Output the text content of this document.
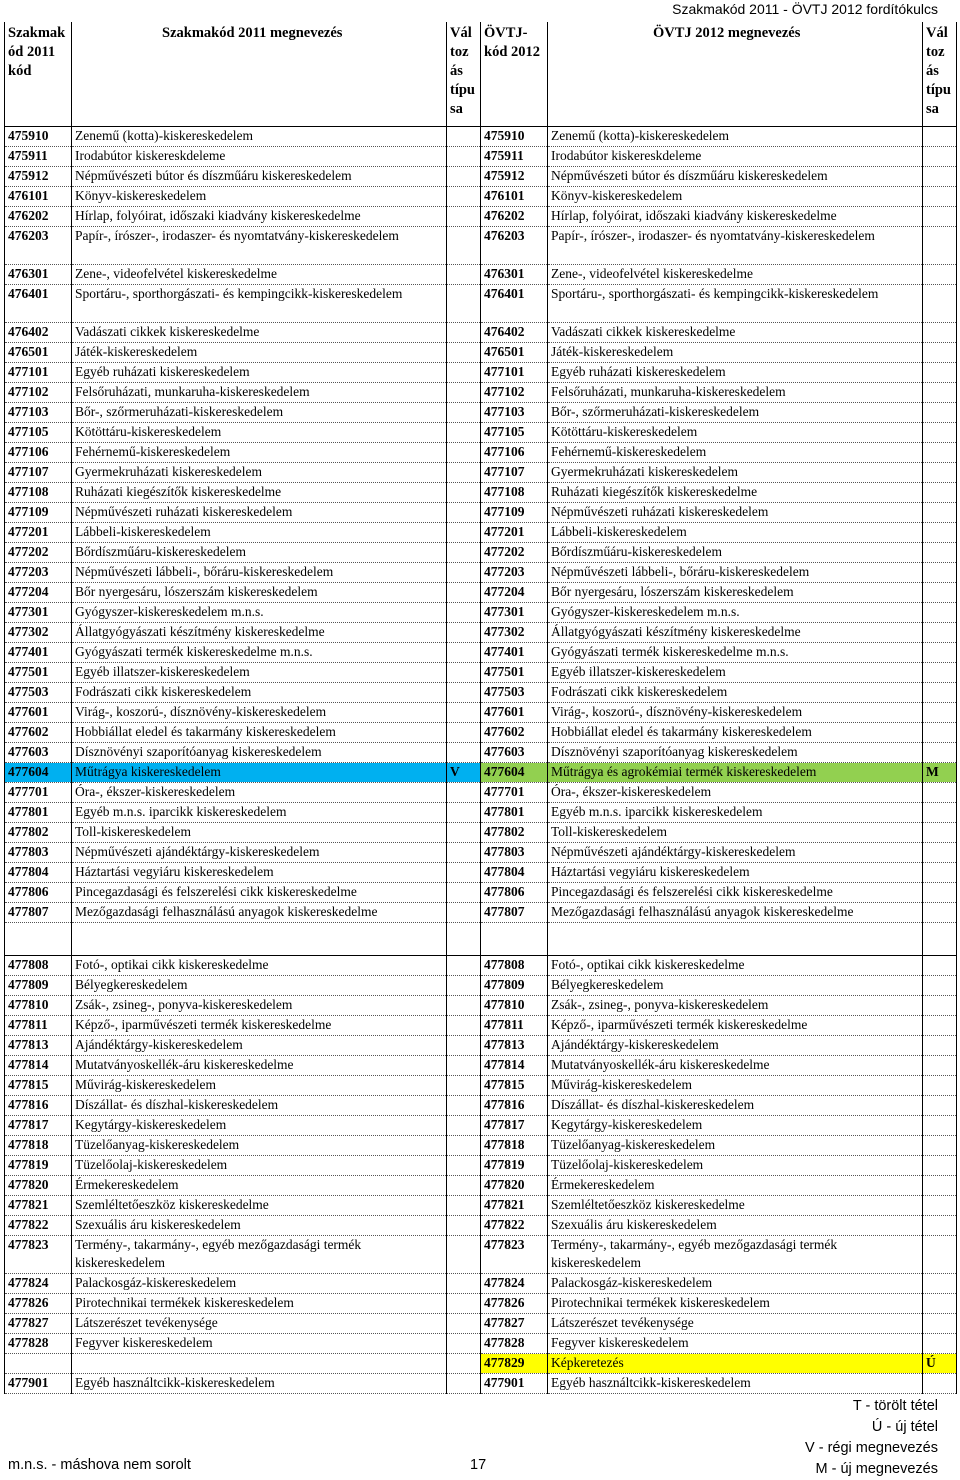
Szakmakód 2011 - ÖVTJ 2012 fordítókulcs
Szakmak ód 2011 kód	Szakmakód 2011 megnevezés	Vál toz ás típu sa	ÖVTJ- kód 2012	ÖVTJ 2012 megnevezés	Vál toz ás típu sa
475910	Zenemű (kotta)-kiskereskedelem		475910	Zenemű (kotta)-kiskereskedelem	
475911	Irodabútor kiskereskdeleme		475911	Irodabútor kiskereskdeleme	
475912	Népművészeti bútor és díszműáru kiskereskedelem		475912	Népművészeti bútor és díszműáru kiskereskedelem	
476101	Könyv-kiskereskedelem		476101	Könyv-kiskereskedelem	
476202	Hírlap, folyóirat, időszaki kiadvány kiskereskedelme		476202	Hírlap, folyóirat, időszaki kiadvány kiskereskedelme	
476203	Papír-, írószer-, irodaszer- és nyomtatvány-kiskereskedelem		476203	Papír-, írószer-, irodaszer- és nyomtatvány-kiskereskedelem	
476301	Zene-, videofelvétel kiskereskedelme		476301	Zene-, videofelvétel kiskereskedelme	
476401	Sportáru-, sporthorgászati- és kempingcikk-kiskereskedelem		476401	Sportáru-, sporthorgászati- és kempingcikk-kiskereskedelem	
476402	Vadászati cikkek kiskereskedelme		476402	Vadászati cikkek kiskereskedelme	
476501	Játék-kiskereskedelem		476501	Játék-kiskereskedelem	
477101	Egyéb ruházati kiskereskedelem		477101	Egyéb ruházati kiskereskedelem	
477102	Felsőruházati, munkaruha-kiskereskedelem		477102	Felsőruházati, munkaruha-kiskereskedelem	
477103	Bőr-, szőrmeruházati-kiskereskedelem		477103	Bőr-, szőrmeruházati-kiskereskedelem	
477105	Kötöttáru-kiskereskedelem		477105	Kötöttáru-kiskereskedelem	
477106	Fehérnemű-kiskereskedelem		477106	Fehérnemű-kiskereskedelem	
477107	Gyermekruházati kiskereskedelem		477107	Gyermekruházati kiskereskedelem	
477108	Ruházati kiegészítők kiskereskedelme		477108	Ruházati kiegészítők kiskereskedelme	
477109	Népművészeti ruházati kiskereskedelem		477109	Népművészeti ruházati kiskereskedelem	
477201	Lábbeli-kiskereskedelem		477201	Lábbeli-kiskereskedelem	
477202	Bőrdíszműáru-kiskereskedelem		477202	Bőrdíszműáru-kiskereskedelem	
477203	Népművészeti lábbeli-, bőráru-kiskereskedelem		477203	Népművészeti lábbeli-, bőráru-kiskereskedelem	
477204	Bőr nyergesáru, lószerszám kiskereskedelem		477204	Bőr nyergesáru, lószerszám kiskereskedelem	
477301	Gyógyszer-kiskereskedelem m.n.s.		477301	Gyógyszer-kiskereskedelem m.n.s.	
477302	Állatgyógyászati készítmény kiskereskedelme		477302	Állatgyógyászati készítmény kiskereskedelme	
477401	Gyógyászati termék kiskereskedelme m.n.s.		477401	Gyógyászati termék kiskereskedelme m.n.s.	
477501	Egyéb illatszer-kiskereskedelem		477501	Egyéb illatszer-kiskereskedelem	
477503	Fodrászati cikk kiskereskedelem		477503	Fodrászati cikk kiskereskedelem	
477601	Virág-, koszorú-, dísznövény-kiskereskedelem		477601	Virág-, koszorú-, dísznövény-kiskereskedelem	
477602	Hobbiállat eledel és takarmány kiskereskedelem		477602	Hobbiállat eledel és takarmány kiskereskedelem	
477603	Dísznövényi szaporítóanyag kiskereskedelem		477603	Dísznövényi szaporítóanyag kiskereskedelem	
477604	Műtrágya kiskereskedelem	V	477604	Műtrágya és agrokémiai termék kiskereskedelem	M
477701	Óra-, ékszer-kiskereskedelem		477701	Óra-, ékszer-kiskereskedelem	
477801	Egyéb m.n.s. iparcikk kiskereskedelem		477801	Egyéb m.n.s. iparcikk kiskereskedelem	
477802	Toll-kiskereskedelem		477802	Toll-kiskereskedelem	
477803	Népművészeti ajándéktárgy-kiskereskedelem		477803	Népművészeti ajándéktárgy-kiskereskedelem	
477804	Háztartási vegyiáru kiskereskedelem		477804	Háztartási vegyiáru kiskereskedelem	
477806	Pincegazdasági és felszerelési cikk kiskereskedelme		477806	Pincegazdasági és felszerelési cikk kiskereskedelme	
477807	Mezőgazdasági felhasználású anyagok kiskereskedelme		477807	Mezőgazdasági felhasználású anyagok kiskereskedelme	

477808	Fotó-, optikai cikk kiskereskedelme		477808	Fotó-, optikai cikk kiskereskedelme	
477809	Bélyegkereskedelem		477809	Bélyegkereskedelem	
477810	Zsák-, zsineg-, ponyva-kiskereskedelem		477810	Zsák-, zsineg-, ponyva-kiskereskedelem	
477811	Képző-, iparművészeti termék kiskereskedelme		477811	Képző-, iparművészeti termék kiskereskedelme	
477813	Ajándéktárgy-kiskereskedelem		477813	Ajándéktárgy-kiskereskedelem	
477814	Mutatványoskellék-áru kiskereskedelme		477814	Mutatványoskellék-áru kiskereskedelme	
477815	Művirág-kiskereskedelem		477815	Művirág-kiskereskedelem	
477816	Díszállat- és díszhal-kiskereskedelem		477816	Díszállat- és díszhal-kiskereskedelem	
477817	Kegytárgy-kiskereskedelem		477817	Kegytárgy-kiskereskedelem	
477818	Tüzelőanyag-kiskereskedelem		477818	Tüzelőanyag-kiskereskedelem	
477819	Tüzelőolaj-kiskereskedelem		477819	Tüzelőolaj-kiskereskedelem	
477820	Érmekereskedelem		477820	Érmekereskedelem	
477821	Szemléltetőeszköz kiskereskedelme		477821	Szemléltetőeszköz kiskereskedelme	
477822	Szexuális áru kiskereskedelem		477822	Szexuális áru kiskereskedelem	
477823	Termény-, takarmány-, egyéb mezőgazdasági termék kiskereskedelem		477823	Termény-, takarmány-, egyéb mezőgazdasági termék kiskereskedelem	
477824	Palackosgáz-kiskereskedelem		477824	Palackosgáz-kiskereskedelem	
477826	Pirotechnikai termékek kiskereskedelem		477826	Pirotechnikai termékek kiskereskedelem	
477827	Látszerészet tevékenysége		477827	Látszerészet tevékenysége	
477828	Fegyver kiskereskedelem		477828	Fegyver kiskereskedelem	
			477829	Képkeretezés	Ú
477901	Egyéb használtcikk-kiskereskedelem		477901	Egyéb használtcikk-kiskereskedelem	
T - törölt tétel
Ú - új tétel
V - régi megnevezés
M - új megnevezés
m.n.s. - máshova nem sorolt	17
